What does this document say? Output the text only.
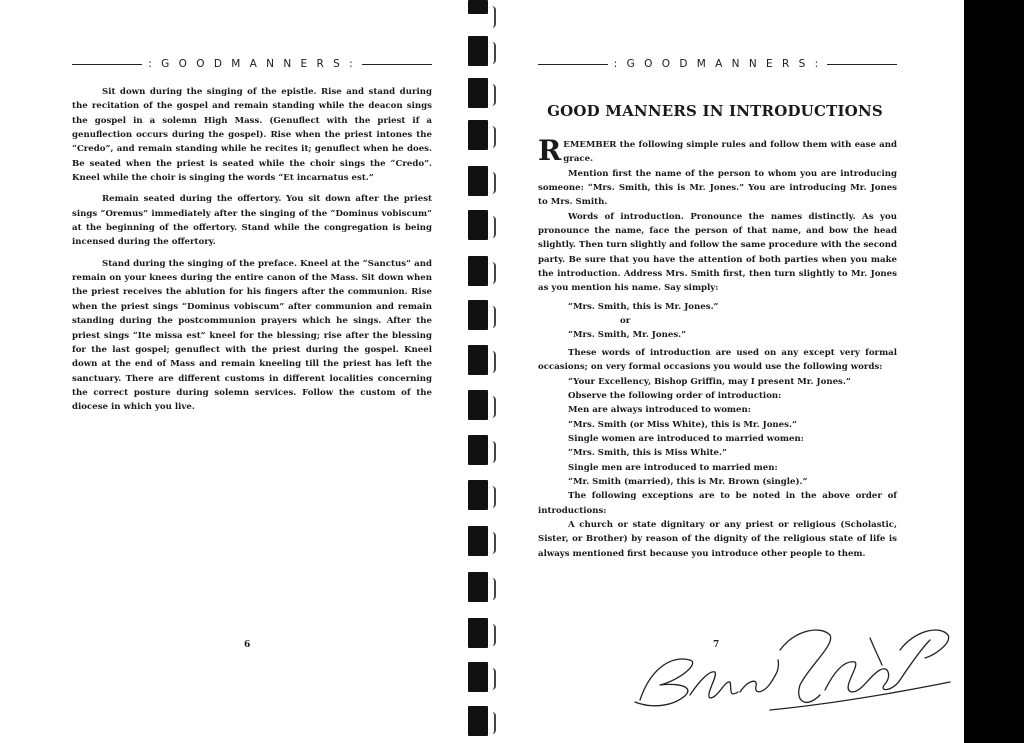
: G O O D M A N N E R S :

Sit down during the singing of the epistle. Rise and stand during the recitation of the gospel and remain standing while the deacon sings the gospel in a solemn High Mass. (Genuflect with the priest if a genuflection occurs during the gospel). Rise when the priest intones the “Credo”, and remain standing while he recites it; genuflect when he does. Be seated when the priest is seated while the choir sings the “Credo”. Kneel while the choir is singing the words “Et incarnatus est.”

Remain seated during the offertory. You sit down after the priest sings “Oremus” immediately after the singing of the “Dominus vobiscum” at the beginning of the offertory. Stand while the congregation is being incensed during the offertory.

Stand during the singing of the preface. Kneel at the “Sanctus” and remain on your knees during the entire canon of the Mass. Sit down when the priest receives the ablution for his fingers after the communion. Rise when the priest sings “Dominus vobiscum” after communion and remain standing during the postcommunion prayers which he sings. After the priest sings “Ite missa est” kneel for the blessing; rise after the blessing for the last gospel; genuflect with the priest during the gospel. Kneel down at the end of Mass and remain kneeling till the priest has left the sanctuary. There are different customs in different localities concerning the correct posture during solemn services. Follow the custom of the diocese in which you live.

6
: G O O D M A N N E R S :
GOOD MANNERS IN INTRODUCTIONS

REMEMBER the following simple rules and follow them with ease and grace.

Mention first the name of the person to whom you are introducing someone: “Mrs. Smith, this is Mr. Jones.” You are introducing Mr. Jones to Mrs. Smith.

Words of introduction. Pronounce the names distinctly. As you pronounce the name, face the person of that name, and bow the head slightly. Then turn slightly and follow the same procedure with the second party. Be sure that you have the attention of both parties when you make the introduction. Address Mrs. Smith first, then turn slightly to Mr. Jones as you mention his name. Say simply:

“Mrs. Smith, this is Mr. Jones.”

or

“Mrs. Smith, Mr. Jones.”

These words of introduction are used on any except very formal occasions; on very formal occasions you would use the following words:

“Your Excellency, Bishop Griffin, may I present Mr. Jones.”

Observe the following order of introduction:

Men are always introduced to women:

“Mrs. Smith (or Miss White), this is Mr. Jones.”

Single women are introduced to married women:

“Mrs. Smith, this is Miss White.”

Single men are introduced to married men:

“Mr. Smith (married), this is Mr. Brown (single).”

The following exceptions are to be noted in the above order of introductions:

A church or state dignitary or any priest or religious (Scholastic, Sister, or Brother) by reason of the dignity of the religious state of life is always mentioned first because you introduce other people to them.

7
